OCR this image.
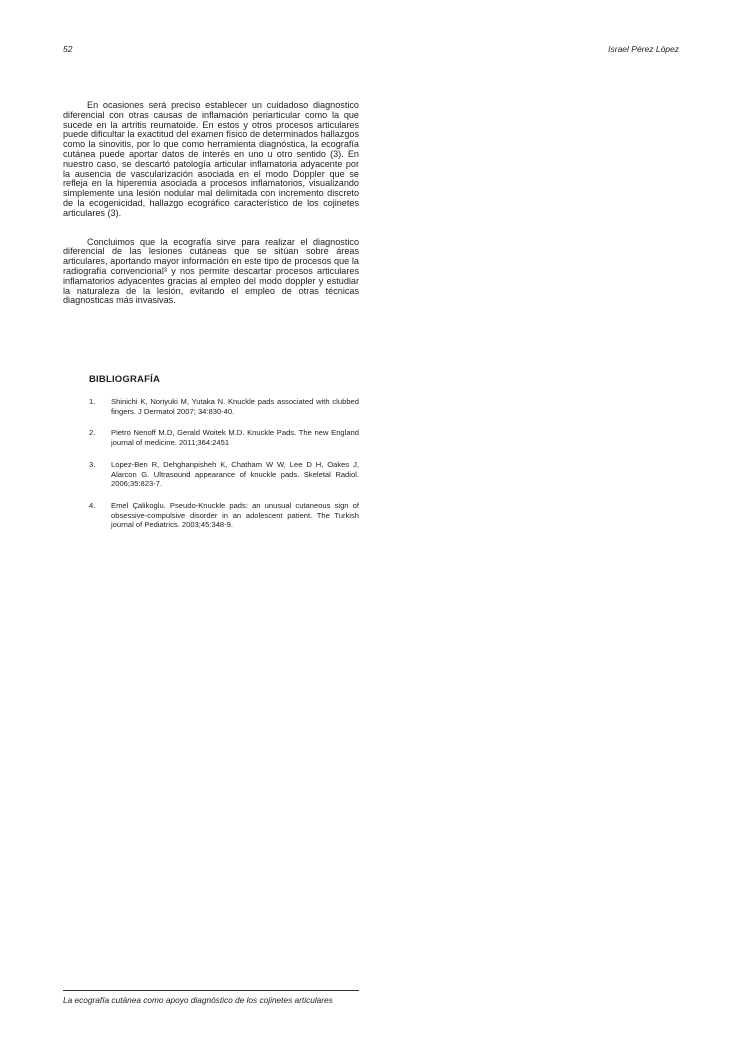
52	Israel Pérez López

En ocasiones será preciso establecer un cuidadoso diagnostico diferencial con otras causas de inflamación periarticular como la que sucede en la artritis reumatoide. En estos y otros procesos articulares puede dificultar la exactitud del examen físico de determinados hallazgos como la sinovitis, por lo que como herramienta diagnóstica, la ecografía cutánea puede aportar datos de interés en uno u otro sentido (3). En nuestro caso, se descartó patología articular inflamatoria adyacente por la ausencia de vascularización asociada en el modo Doppler que se refleja en la hiperemia asociada a procesos inflamatorios, visualizando simplemente una lesión nodular mal delimitada con incremento discreto de la ecogenicidad, hallazgo ecográfico característico de los cojinetes articulares (3).

Concluimos que la ecografía sirve para realizar el diagnostico diferencial de las lesiones cutáneas que se sitúan sobre áreas articulares, aportando mayor información en este tipo de procesos que la radiografía convencional³ y nos permite descartar procesos articulares inflamatorios adyacentes gracias al empleo del modo doppler y estudiar la naturaleza de la lesión, evitando el empleo de otras técnicas diagnosticas más invasivas.

BIBLIOGRAFÍA
1.	Shinichi K, Noriyuki M, Yutaka N. Knuckle pads associated with clubbed fingers. J Dermatol 2007; 34:830-40.
2.	Pietro Nenoff M.D, Gerald Woitek M.D. Knuckle Pads. The new England journal of medicine. 2011;364:2451
3.	Lopez-Ben R, Dehghanpisheh K, Chatham W W, Lee D H, Oakes J, Alarcon G. Ultrasound appearance of knuckle pads. Skeletal Radiol. 2006;35:823-7.
4.	Emel Çalikoglu. Pseudo-Knuckle pads: an unusual cutaneous sign of obsessive-compulsive disorder in an adolescent patient. The Turkish journal of Pediatrics. 2003;45:348-9.
La ecografía cutánea como apoyo diagnóstico de los cojinetes articulares
